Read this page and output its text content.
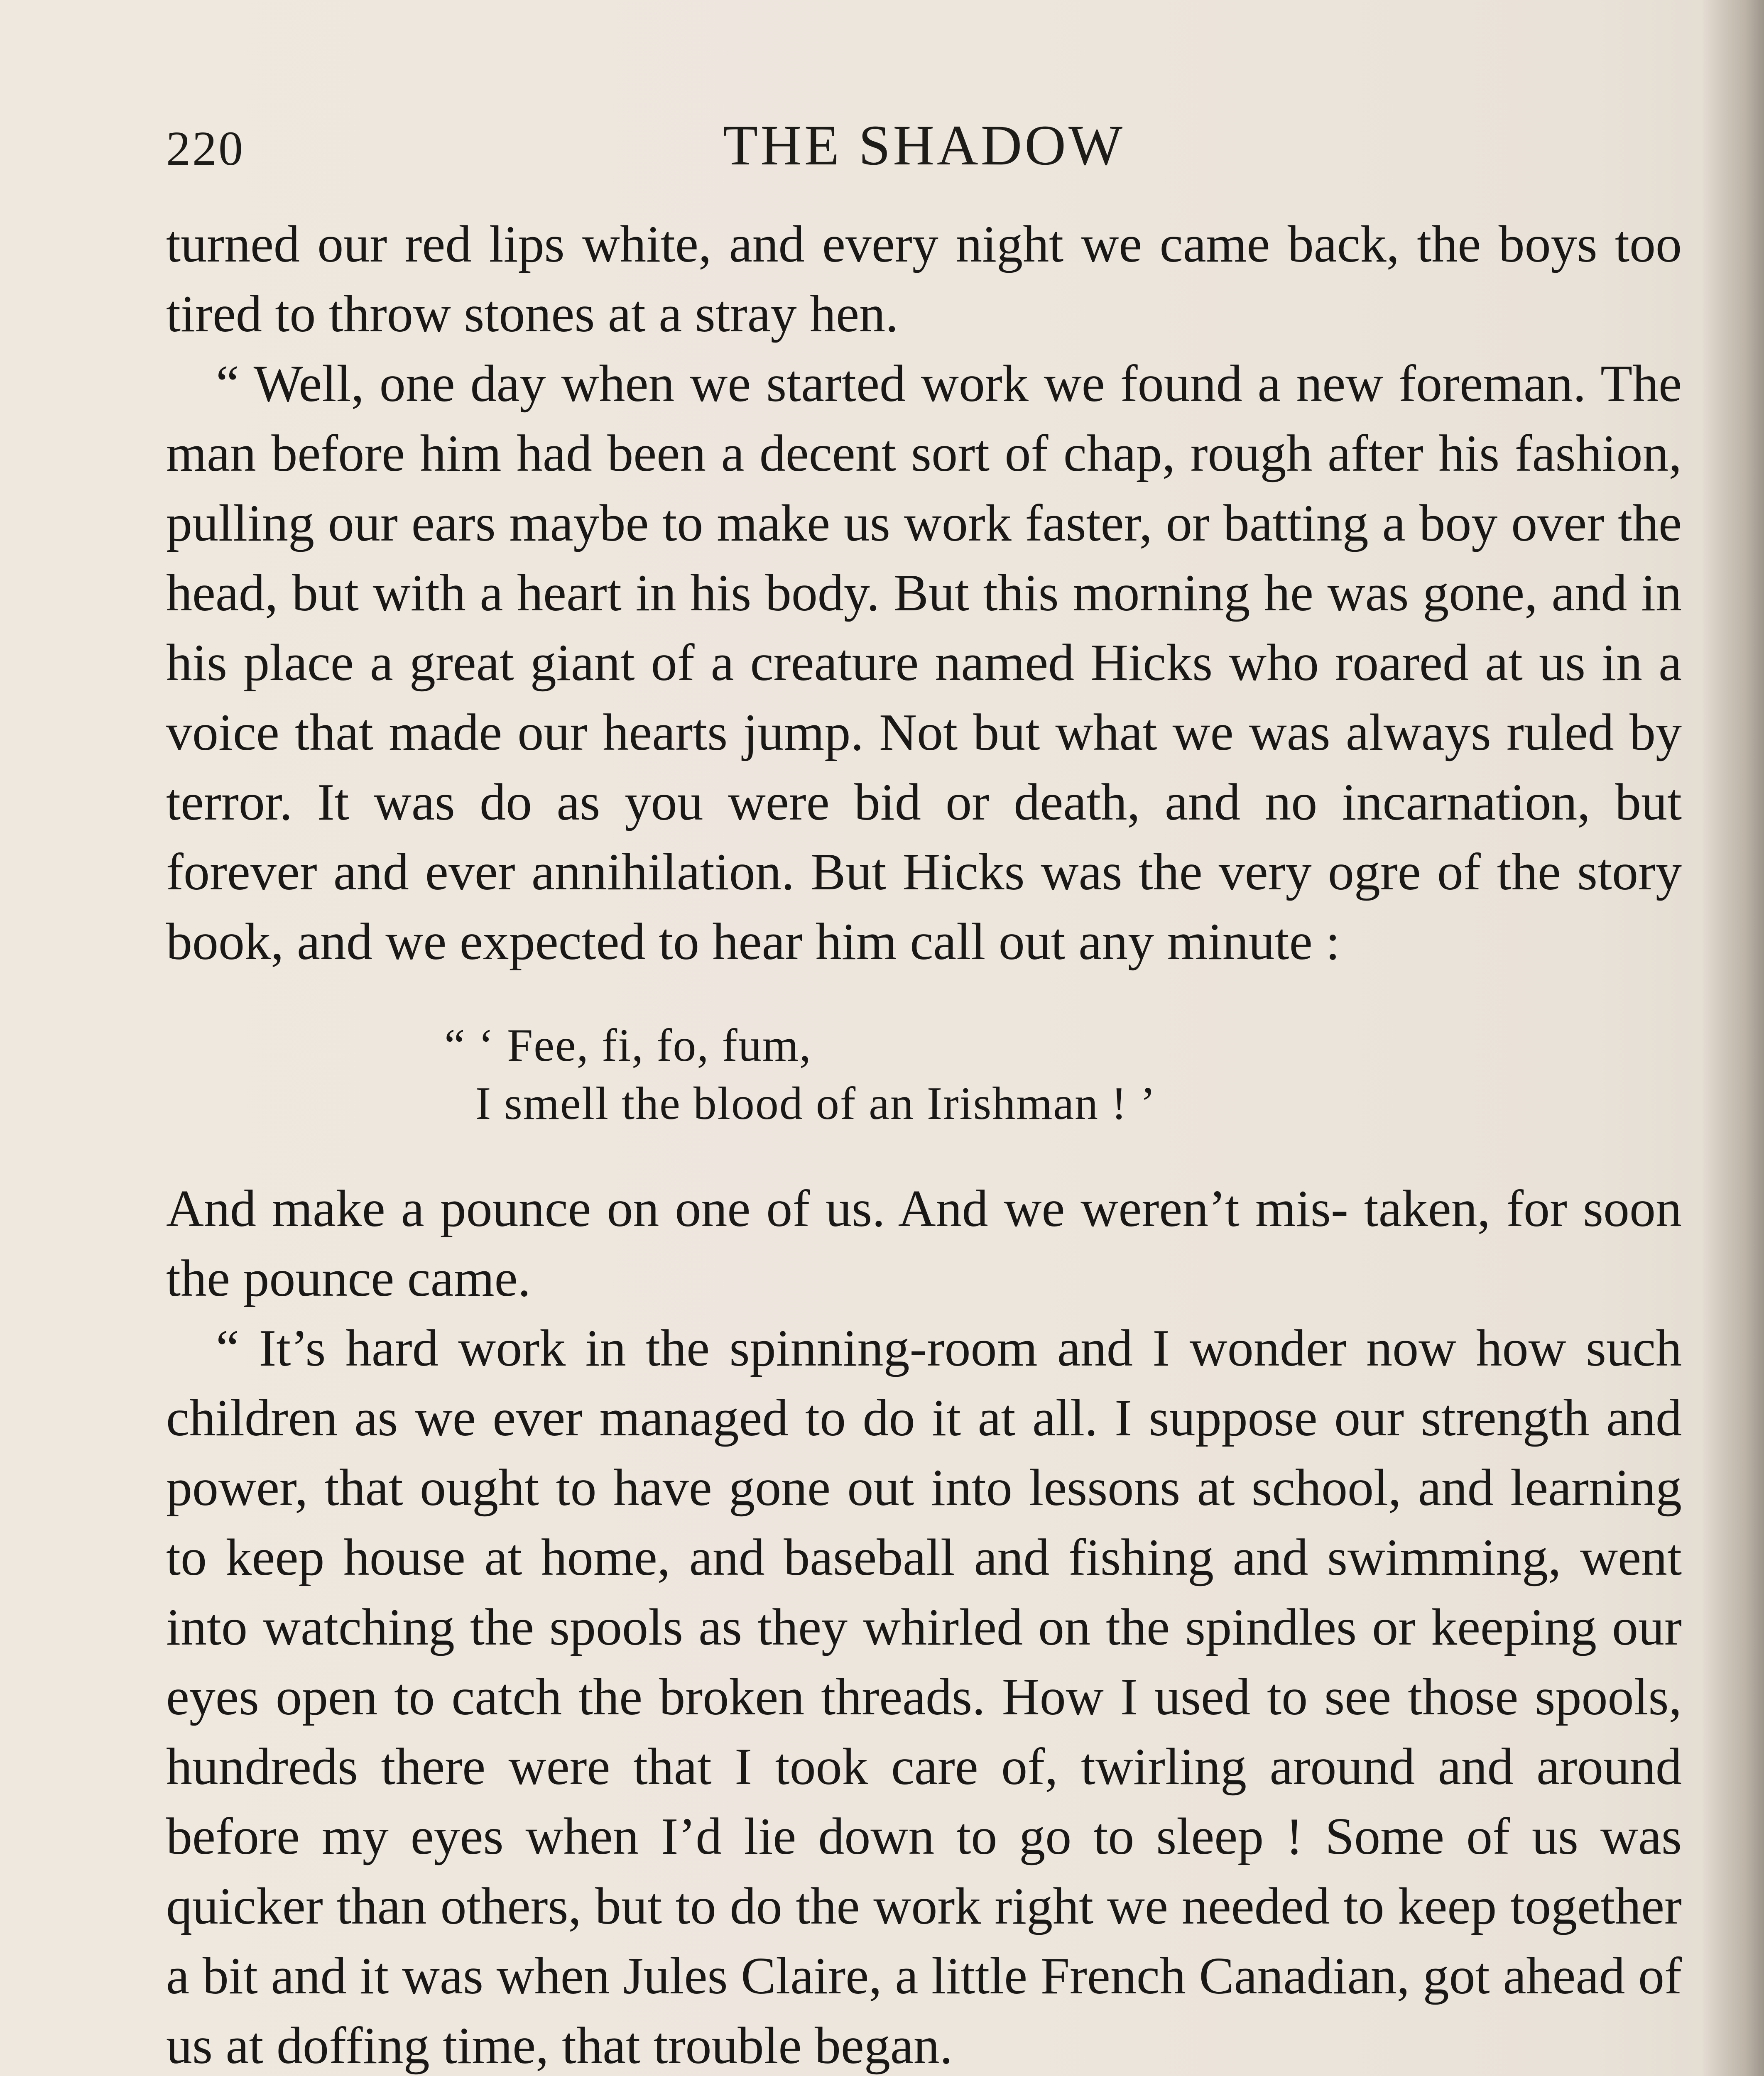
220	THE SHADOW

turned our red lips white, and every night we came back, the boys too tired to throw stones at a stray hen.

“ Well, one day when we started work we found a new foreman. The man before him had been a decent sort of chap, rough after his fashion, pulling our ears maybe to make us work faster, or batting a boy over the head, but with a heart in his body. But this morning he was gone, and in his place a great giant of a creature named Hicks who roared at us in a voice that made our hearts jump. Not but what we was always ruled by terror. It was do as you were bid or death, and no incarnation, but forever and ever annihilation. But Hicks was the very ogre of the story book, and we expected to hear him call out any minute :

“ ‘ Fee, fi, fo, fum,
I smell the blood of an Irishman ! ’

And make a pounce on one of us. And we weren’t mis- taken, for soon the pounce came.

“ It’s hard work in the spinning-room and I wonder now how such children as we ever managed to do it at all. I suppose our strength and power, that ought to have gone out into lessons at school, and learning to keep house at home, and baseball and fishing and swimming, went into watching the spools as they whirled on the spindles or keeping our eyes open to catch the broken threads. How I used to see those spools, hundreds there were that I took care of, twirling around and around before my eyes when I’d lie down to go to sleep ! Some of us was quicker than others, but to do the work right we needed to keep together a bit and it was when Jules Claire, a little French Canadian, got ahead of us at doffing time, that trouble began.
